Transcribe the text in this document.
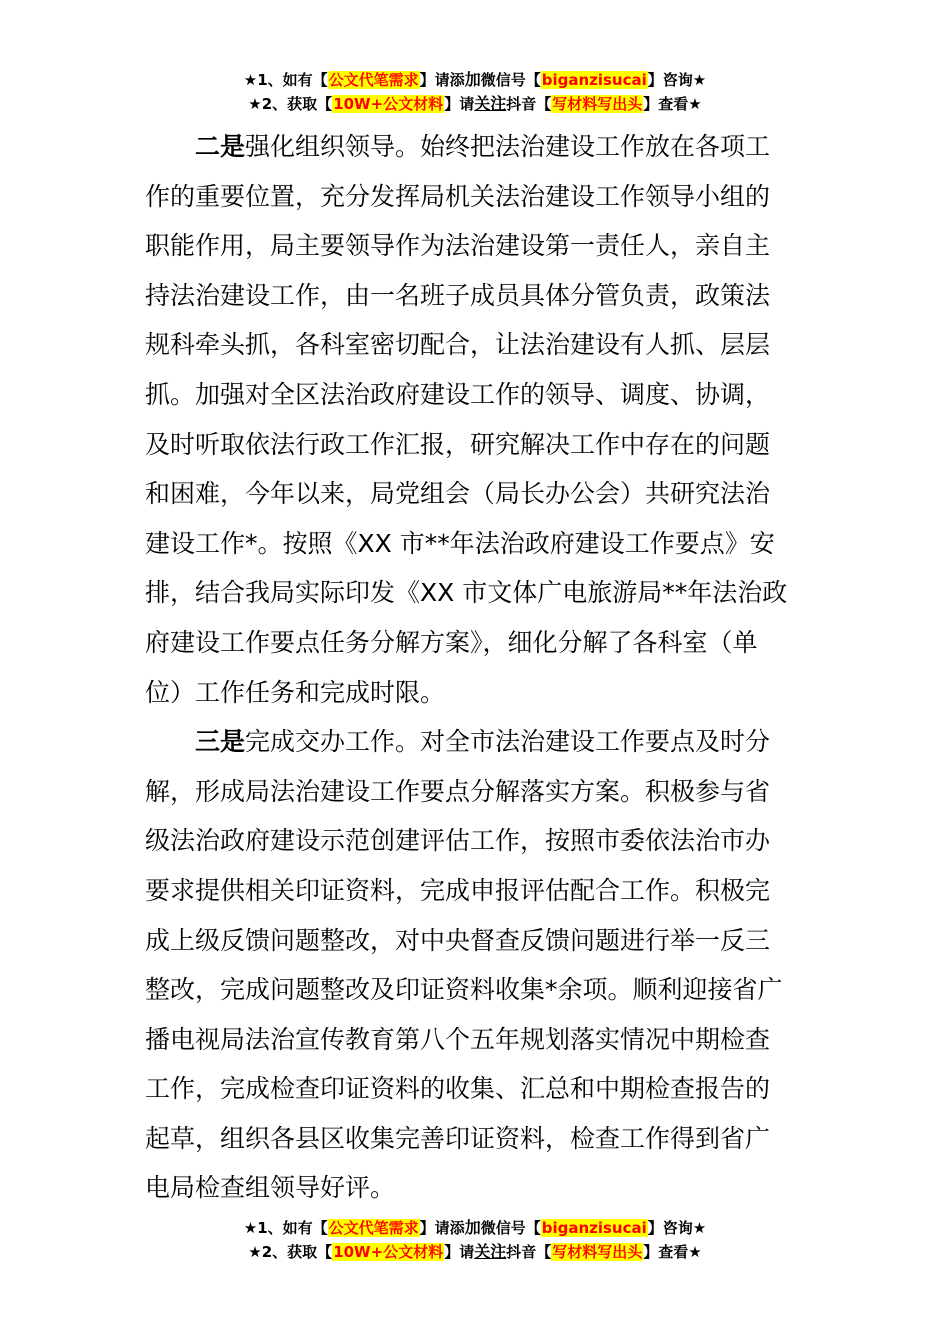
★1、如有【公文代笔需求】请添加微信号【biganzisucai】咨询★
★2、获取【10W+公文材料】请关注抖音【写材料写出头】查看★
二是强化组织领导。始终把法治建设工作放在各项工
作的重要位置，充分发挥局机关法治建设工作领导小组的
职能作用，局主要领导作为法治建设第一责任人，亲自主
持法治建设工作，由一名班子成员具体分管负责，政策法
规科牵头抓，各科室密切配合，让法治建设有人抓、层层
抓。加强对全区法治政府建设工作的领导、调度、协调，
及时听取依法行政工作汇报，研究解决工作中存在的问题
和困难，今年以来，局党组会（局长办公会）共研究法治
建设工作*。按照《XX 市**年法治政府建设工作要点》安
排，结合我局实际印发《XX 市文体广电旅游局**年法治政
府建设工作要点任务分解方案》，细化分解了各科室（单
位）工作任务和完成时限。
三是完成交办工作。对全市法治建设工作要点及时分
解，形成局法治建设工作要点分解落实方案。积极参与省
级法治政府建设示范创建评估工作，按照市委依法治市办
要求提供相关印证资料，完成申报评估配合工作。积极完
成上级反馈问题整改，对中央督查反馈问题进行举一反三
整改，完成问题整改及印证资料收集*余项。顺利迎接省广
播电视局法治宣传教育第八个五年规划落实情况中期检查
工作，完成检查印证资料的收集、汇总和中期检查报告的
起草，组织各县区收集完善印证资料，检查工作得到省广
电局检查组领导好评。
★1、如有【公文代笔需求】请添加微信号【biganzisucai】咨询★
★2、获取【10W+公文材料】请关注抖音【写材料写出头】查看★
